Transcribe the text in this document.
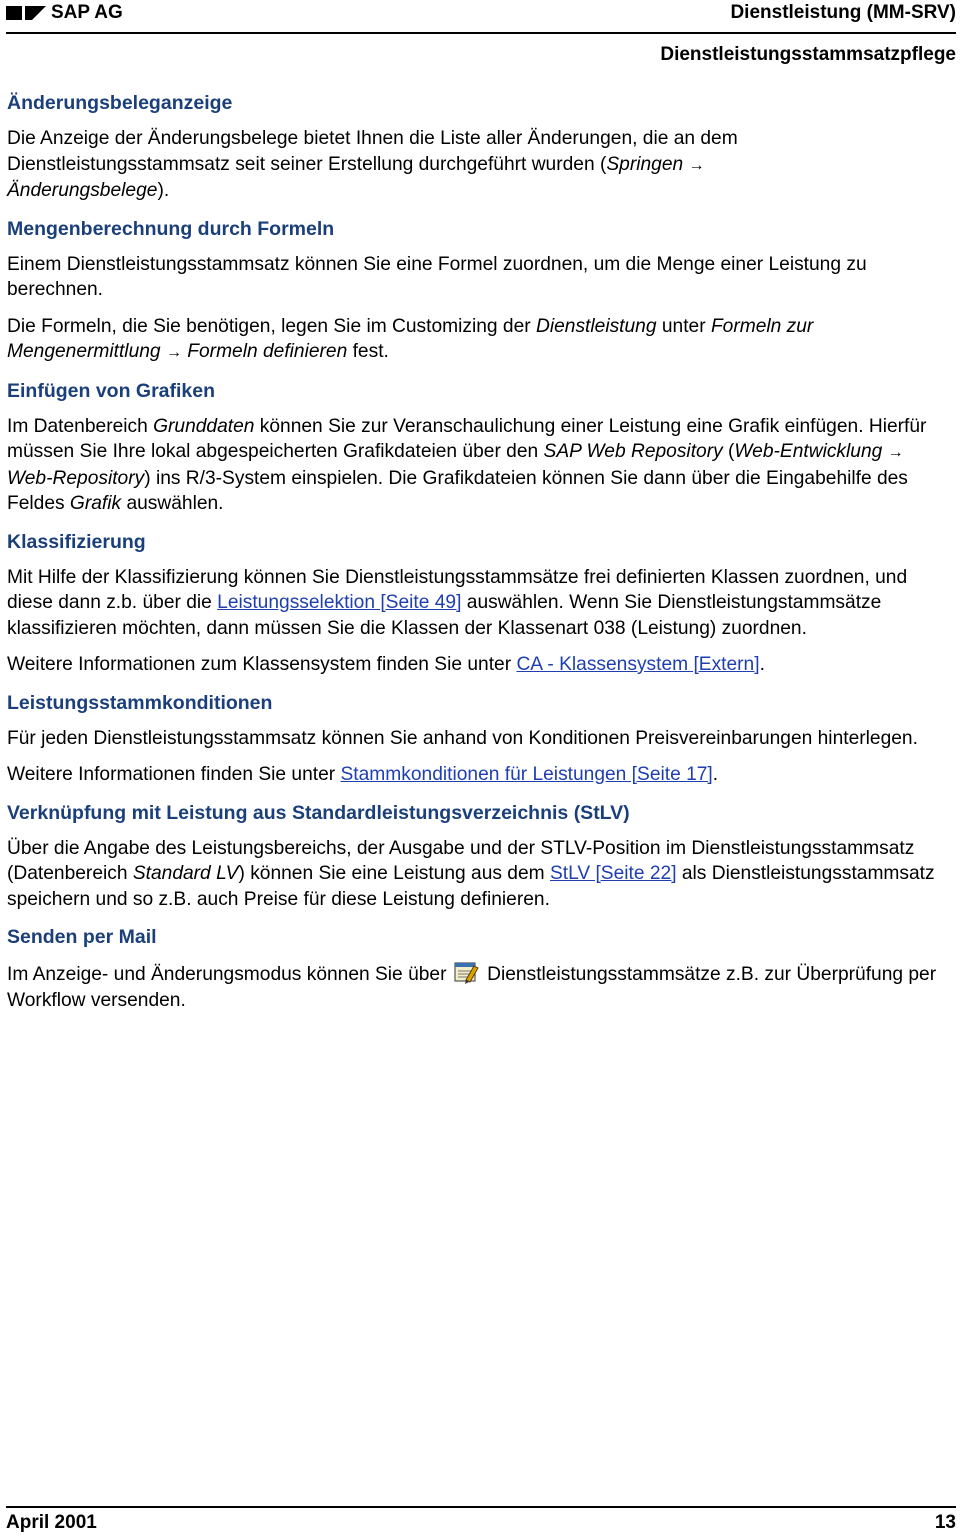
SAP AG	Dienstleistung (MM-SRV)
Dienstleistungsstammsatzpflege
Änderungsbeleganzeige

Die Anzeige der Änderungsbelege bietet Ihnen die Liste aller Änderungen, die an dem Dienstleistungsstammsatz seit seiner Erstellung durchgeführt wurden (Springen →
Änderungsbelege).

Mengenberechnung durch Formeln

Einem Dienstleistungsstammsatz können Sie eine Formel zuordnen, um die Menge einer Leistung zu berechnen.

Die Formeln, die Sie benötigen, legen Sie im Customizing der Dienstleistung unter Formeln zur Mengenermittlung → Formeln definieren fest.

Einfügen von Grafiken

Im Datenbereich Grunddaten können Sie zur Veranschaulichung einer Leistung eine Grafik einfügen. Hierfür müssen Sie Ihre lokal abgespeicherten Grafikdateien über den SAP Web Repository (Web-Entwicklung → Web-Repository) ins R/3-System einspielen. Die Grafikdateien können Sie dann über die Eingabehilfe des Feldes Grafik auswählen.

Klassifizierung

Mit Hilfe der Klassifizierung können Sie Dienstleistungsstammsätze frei definierten Klassen zuordnen, und diese dann z.b. über die Leistungsselektion [Seite 49] auswählen. Wenn Sie Dienstleistungstammsätze klassifizieren möchten, dann müssen Sie die Klassen der Klassenart 038 (Leistung) zuordnen.

Weitere Informationen zum Klassensystem finden Sie unter CA - Klassensystem [Extern].

Leistungsstammkonditionen

Für jeden Dienstleistungsstammsatz können Sie anhand von Konditionen Preisvereinbarungen hinterlegen.

Weitere Informationen finden Sie unter Stammkonditionen für Leistungen [Seite 17].

Verknüpfung mit Leistung aus Standardleistungsverzeichnis (StLV)

Über die Angabe des Leistungsbereichs, der Ausgabe und der STLV-Position im Dienstleistungsstammsatz (Datenbereich Standard LV) können Sie eine Leistung aus dem StLV [Seite 22] als Dienstleistungsstammsatz speichern und so z.B. auch Preise für diese Leistung definieren.

Senden per Mail

Im Anzeige- und Änderungsmodus können Sie über  Dienstleistungsstammsätze z.B. zur Überprüfung per Workflow versenden.

April 2001	13
